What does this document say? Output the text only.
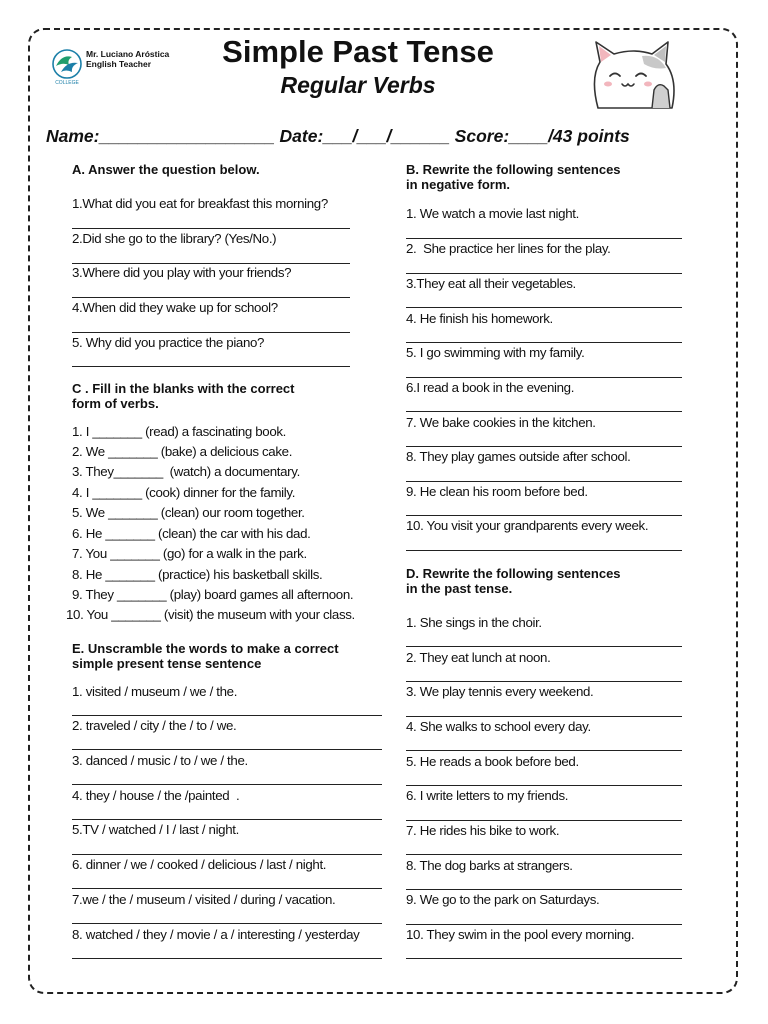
COLLEGE
Mr. Luciano Aróstica
English Teacher	Simple Past Tense
Regular Verbs
Name:__________________ Date:___/___/______ Score:____/43 points
A. Answer the question below.
1.What did you eat for breakfast this morning?
2.Did she go to the library? (Yes/No.)
3.Where did you play with your friends?
4.When did they wake up for school?
5. Why did you practice the piano?
C . Fill in the blanks with the correct
form of verbs.
1. I _______ (read) a fascinating book.
2. We _______ (bake) a delicious cake.
3. They_______  (watch) a documentary.
4. I _______ (cook) dinner for the family.
5. We _______ (clean) our room together.
6. He _______ (clean) the car with his dad.
7. You _______ (go) for a walk in the park.
8. He _______ (practice) his basketball skills.
9. They _______ (play) board games all afternoon.
10. You _______ (visit) the museum with your class.
E. Unscramble the words to make a correct
simple present tense sentence
1. visited / museum / we / the.
2. traveled / city / the / to / we.
3. danced / music / to / we / the.
4. they / house / the /painted  .
5.TV / watched / I / last / night.
6. dinner / we / cooked / delicious / last / night.
7.we / the / museum / visited / during / vacation.
8. watched / they / movie / a / interesting / yesterday
B. Rewrite the following sentences
in negative form.
1. We watch a movie last night.
2.  She practice her lines for the play.
3.They eat all their vegetables.
4. He finish his homework.
5. I go swimming with my family.
6.I read a book in the evening.
7. We bake cookies in the kitchen.
8. They play games outside after school.
9. He clean his room before bed.
10. You visit your grandparents every week.
D. Rewrite the following sentences
in the past tense.
1. She sings in the choir.
2. They eat lunch at noon.
3. We play tennis every weekend.
4. She walks to school every day.
5. He reads a book before bed.
6. I write letters to my friends.
7. He rides his bike to work.
8. The dog barks at strangers.
9. We go to the park on Saturdays.
10. They swim in the pool every morning.
